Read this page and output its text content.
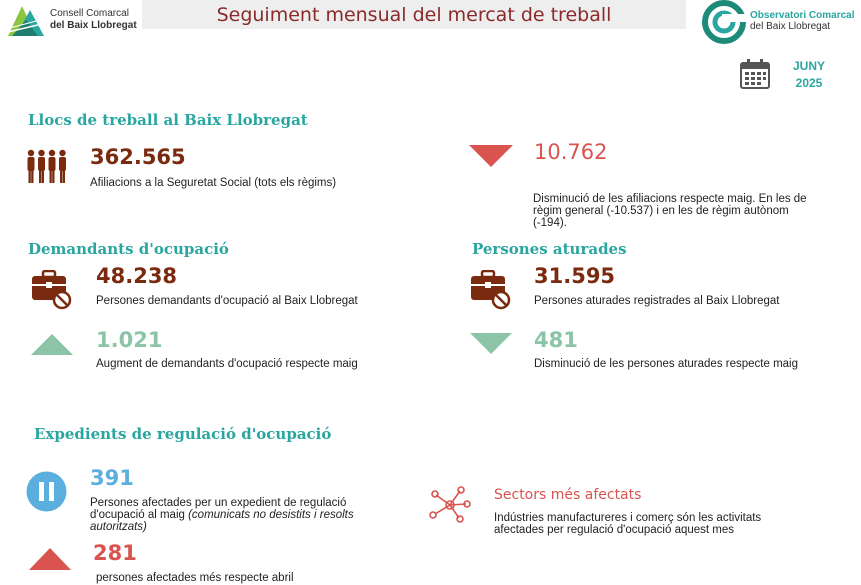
Seguiment mensual del mercat de treball
Consell Comarcal
del Baix Llobregat
Observatori Comarcal
del Baix Llobregat
JUNY
2025
Llocs de treball al Baix Llobregat
362.565
Afiliacions a la Seguretat Social (tots els règims)
10.762
Disminució de les afiliacions respecte maig. En les de règim general (-10.537) i en les de règim autònom (-194).
Demandants d'ocupació
48.238
Persones demandants d'ocupació al Baix Llobregat
1.021
Augment de demandants d'ocupació respecte maig
Persones aturades
31.595
Persones aturades registrades al Baix Llobregat
481
Disminució de les persones aturades respecte maig
Expedients de regulació d'ocupació
391
Persones afectades per un expedient de regulació d'ocupació al maig (comunicats no desistits i resolts autoritzats)
281
persones afectades més respecte abril
Sectors més afectats
Indústries manufactureres i comerç són les activitats afectades per regulació d'ocupació aquest mes
